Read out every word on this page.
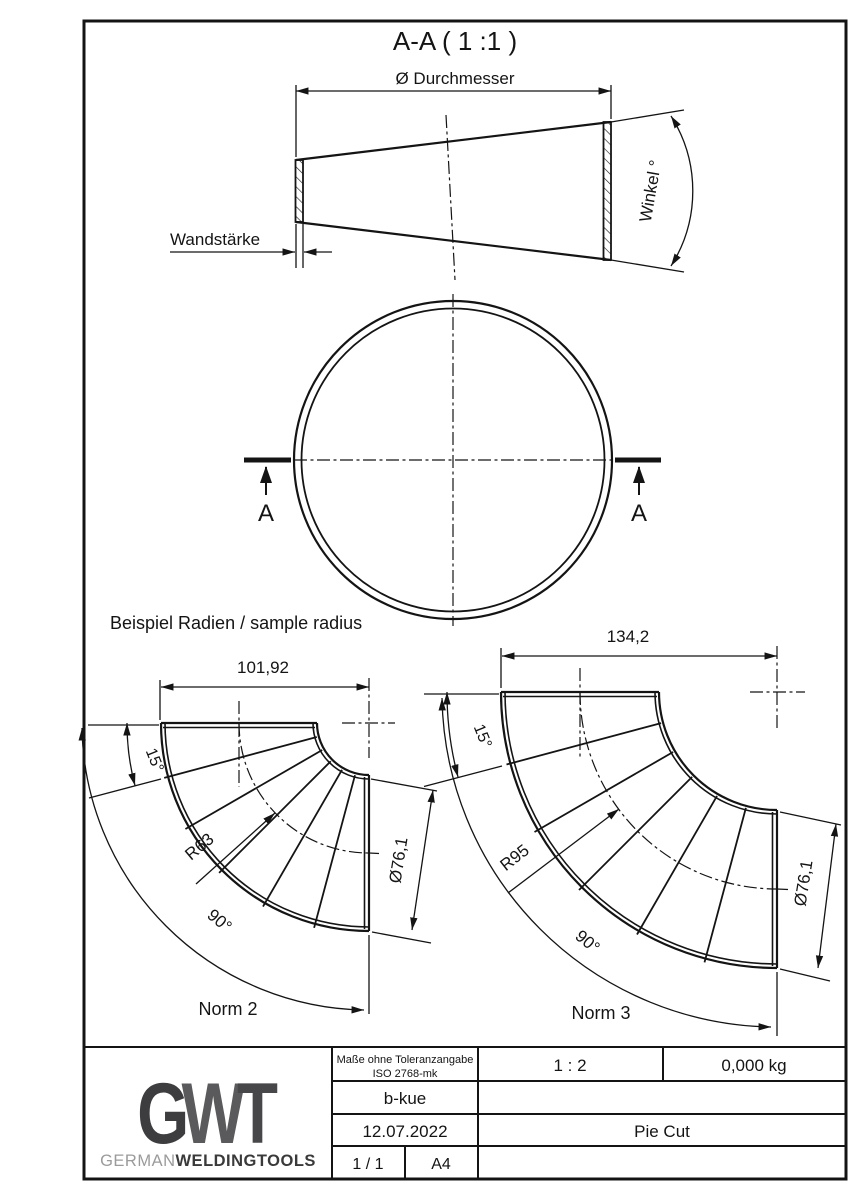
A-A ( 1 :1 )
Ø Durchmesser
Wandstärke
Winkel °
A	A
Beispiel Radien / sample radius
101,92
R63
15°
90°
Ø76,1
Norm 2
134,2
R95
15°
90°
Ø76,1
Norm 3
Maße ohne Toleranzangabe
ISO 2768-mk	1 : 2	0,000 kg
b-kue
12.07.2022	Pie Cut
1 / 1	A4
GWT
GERMANWELDINGTOOLS
